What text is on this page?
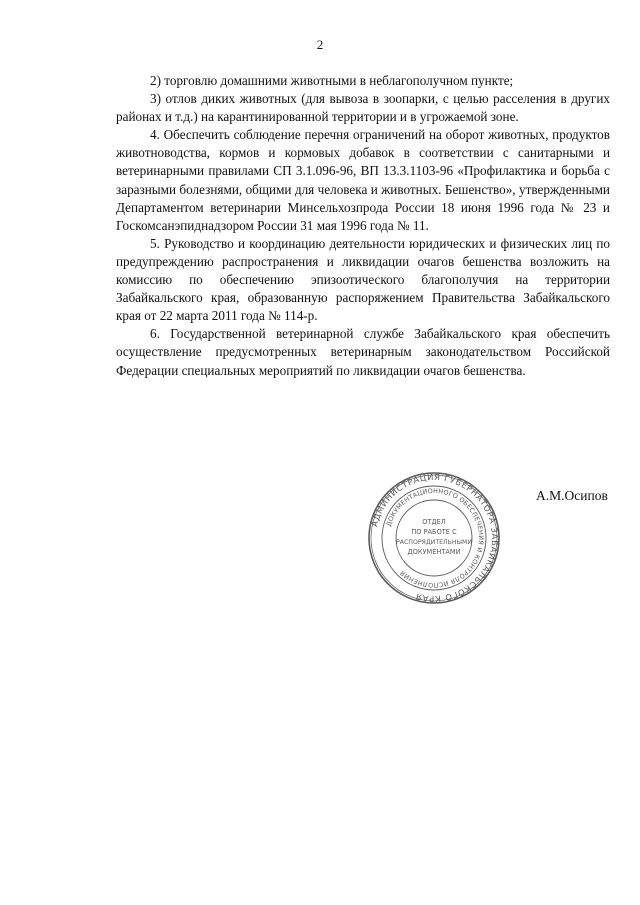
2

2) торговлю домашними животными в неблагополучном пункте;

3) отлов диких животных (для вывоза в зоопарки, с целью расселения в других районах и т.д.) на карантинированной территории и в угрожаемой зоне.

4. Обеспечить соблюдение перечня ограничений на оборот животных, продуктов животноводства, кормов и кормовых добавок в соответствии с санитарными и ветеринарными правилами СП 3.1.096-96, ВП 13.3.1103-96 «Профилактика и борьба с заразными болезнями, общими для человека и животных. Бешенство», утвержденными Департаментом ветеринарии Минсельхозпрода России 18 июня 1996 года № 23 и Госкомсанэпиднадзором России 31 мая 1996 года № 11.

5. Руководство и координацию деятельности юридических и физических лиц по предупреждению распространения и ликвидации очагов бешенства возложить на комиссию по обеспечению эпизоотического благополучия на территории Забайкальского края, образованную распоряжением Правительства Забайкальского края от 22 марта 2011 года № 114-р.

6. Государственной ветеринарной службе Забайкальского края обеспечить осуществление предусмотренных ветеринарным законодательством Российской Федерации специальных мероприятий по ликвидации очагов бешенства.

АДМИНИСТРАЦИЯ ГУБЕРНАТОРА ЗАБАЙКАЛЬСКОГО КРАЯ
ДОКУМЕНТАЦИОННОГО ОБЕСПЕЧЕНИЯ И КОНТРОЛЯ ИСПОЛНЕНИЯ
ОТДЕЛ
ПО РАБОТЕ С
РАСПОРЯДИТЕЛЬНЫМИ
ДОКУМЕНТАМИ
А.М.Осипов
